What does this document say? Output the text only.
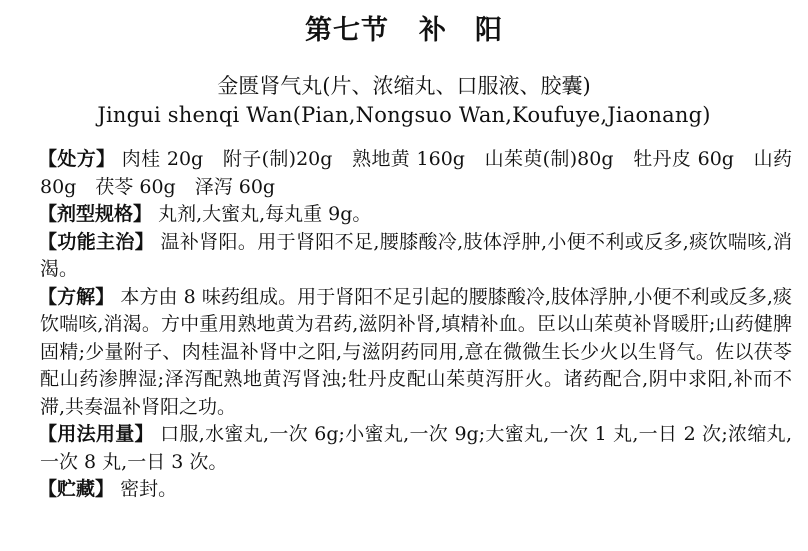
第七节 补　阳
金匮肾气丸(片、浓缩丸、口服液、胶囊)
Jingui shenqi Wan(Pian,Nongsuo Wan,Koufuye,Jiaonang)

【处方】 肉桂 20g　附子(制)20g　熟地黄 160g　山茱萸(制)80g　牡丹皮 60g　山药 80g　茯苓 60g　泽泻 60g

【剂型规格】 丸剂,大蜜丸,每丸重 9g。

【功能主治】 温补肾阳。用于肾阳不足,腰膝酸冷,肢体浮肿,小便不利或反多,痰饮喘咳,消渴。

【方解】 本方由 8 味药组成。用于肾阳不足引起的腰膝酸冷,肢体浮肿,小便不利或反多,痰饮喘咳,消渴。方中重用熟地黄为君药,滋阴补肾,填精补血。臣以山茱萸补肾暖肝;山药健脾固精;少量附子、肉桂温补肾中之阳,与滋阴药同用,意在微微生长少火以生肾气。佐以茯苓配山药渗脾湿;泽泻配熟地黄泻肾浊;牡丹皮配山茱萸泻肝火。诸药配合,阴中求阳,补而不滞,共奏温补肾阳之功。

【用法用量】 口服,水蜜丸,一次 6g;小蜜丸,一次 9g;大蜜丸,一次 1 丸,一日 2 次;浓缩丸,一次 8 丸,一日 3 次。

【贮藏】 密封。
